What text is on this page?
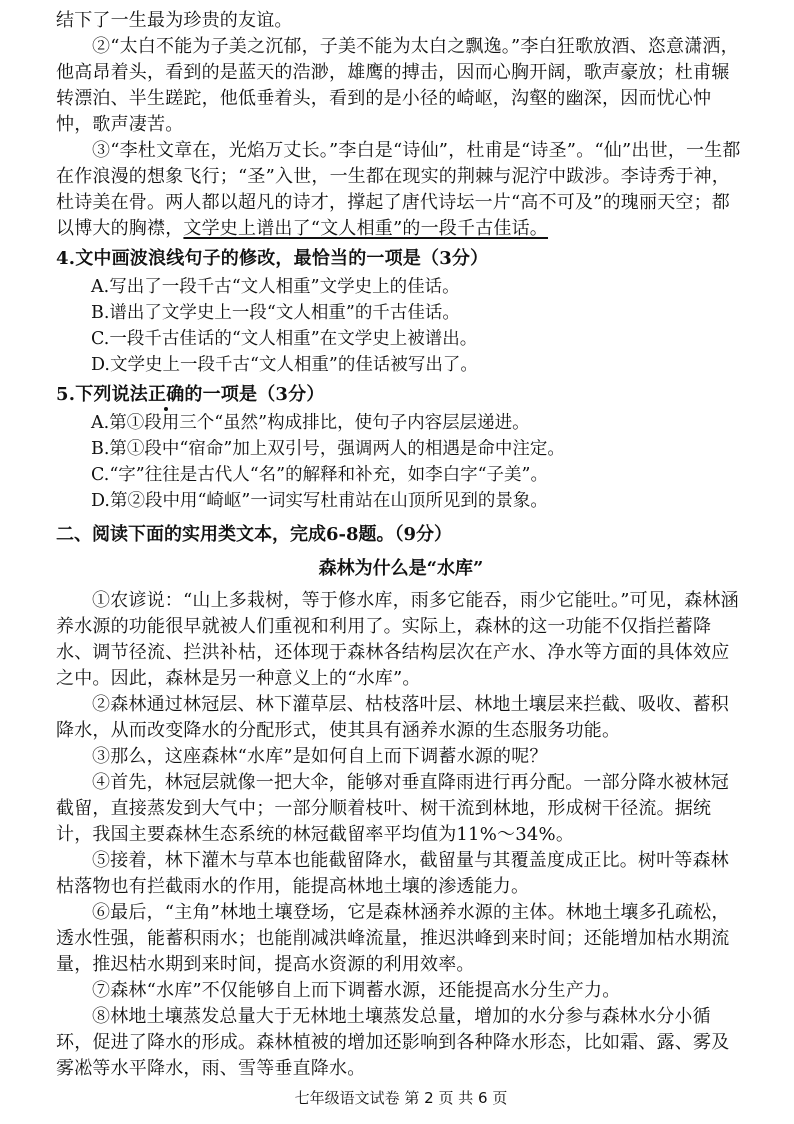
结下了一生最为珍贵的友谊。
②“太白不能为子美之沉郁，子美不能为太白之飘逸。”李白狂歌放酒、恣意潇洒，他高昂着头，看到的是蓝天的浩渺，雄鹰的搏击，因而心胸开阔，歌声豪放；杜甫辗转漂泊、半生蹉跎，他低垂着头，看到的是小径的崎岖，沟壑的幽深，因而忧心忡忡，歌声凄苦。
③“李杜文章在，光焰万丈长。”李白是“诗仙”，杜甫是“诗圣”。“仙”出世，一生都在作浪漫的想象飞行；“圣”入世，一生都在现实的荆棘与泥泞中跋涉。李诗秀于神，杜诗美在骨。两人都以超凡的诗才，撑起了唐代诗坛一片“高不可及”的瑰丽天空；都以博大的胸襟，文学史上谱出了“文人相重”的一段千古佳话。
4.文中画波浪线句子的修改，最恰当的一项是（3分）
A.写出了一段千古“文人相重”文学史上的佳话。
B.谱出了文学史上一段“文人相重”的千古佳话。
C.一段千古佳话的“文人相重”在文学史上被谱出。
D.文学史上一段千古“文人相重”的佳话被写出了。
5.下列说法正确的一项是（3分）
A.第①段用三个“虽然”构成排比，使句子内容层层递进。
B.第①段中“宿命”加上双引号，强调两人的相遇是命中注定。
C.“字”往往是古代人“名”的解释和补充，如李白字“子美”。
D.第②段中用“崎岖”一词实写杜甫站在山顶所见到的景象。
二、阅读下面的实用类文本，完成6-8题。（9分）
森林为什么是“水库”
①农谚说：“山上多栽树，等于修水库，雨多它能吞，雨少它能吐。”可见，森林涵养水源的功能很早就被人们重视和利用了。实际上，森林的这一功能不仅指拦蓄降水、调节径流、拦洪补枯，还体现于森林各结构层次在产水、净水等方面的具体效应之中。因此，森林是另一种意义上的“水库”。
②森林通过林冠层、林下灌草层、枯枝落叶层、林地土壤层来拦截、吸收、蓄积降水，从而改变降水的分配形式，使其具有涵养水源的生态服务功能。
③那么，这座森林“水库”是如何自上而下调蓄水源的呢？
④首先，林冠层就像一把大伞，能够对垂直降雨进行再分配。一部分降水被林冠截留，直接蒸发到大气中；一部分顺着枝叶、树干流到林地，形成树干径流。据统计，我国主要森林生态系统的林冠截留率平均值为11%～34%。
⑤接着，林下灌木与草本也能截留降水，截留量与其覆盖度成正比。树叶等森林枯落物也有拦截雨水的作用，能提高林地土壤的渗透能力。
⑥最后，“主角”林地土壤登场，它是森林涵养水源的主体。林地土壤多孔疏松，透水性强，能蓄积雨水；也能削减洪峰流量，推迟洪峰到来时间；还能增加枯水期流量，推迟枯水期到来时间，提高水资源的利用效率。
⑦森林“水库”不仅能够自上而下调蓄水源，还能提高水分生产力。
⑧林地土壤蒸发总量大于无林地土壤蒸发总量，增加的水分参与森林水分小循环，促进了降水的形成。森林植被的增加还影响到各种降水形态，比如霜、露、雾及雾凇等水平降水，雨、雪等垂直降水。
七年级语文试卷 第 2 页 共 6 页
